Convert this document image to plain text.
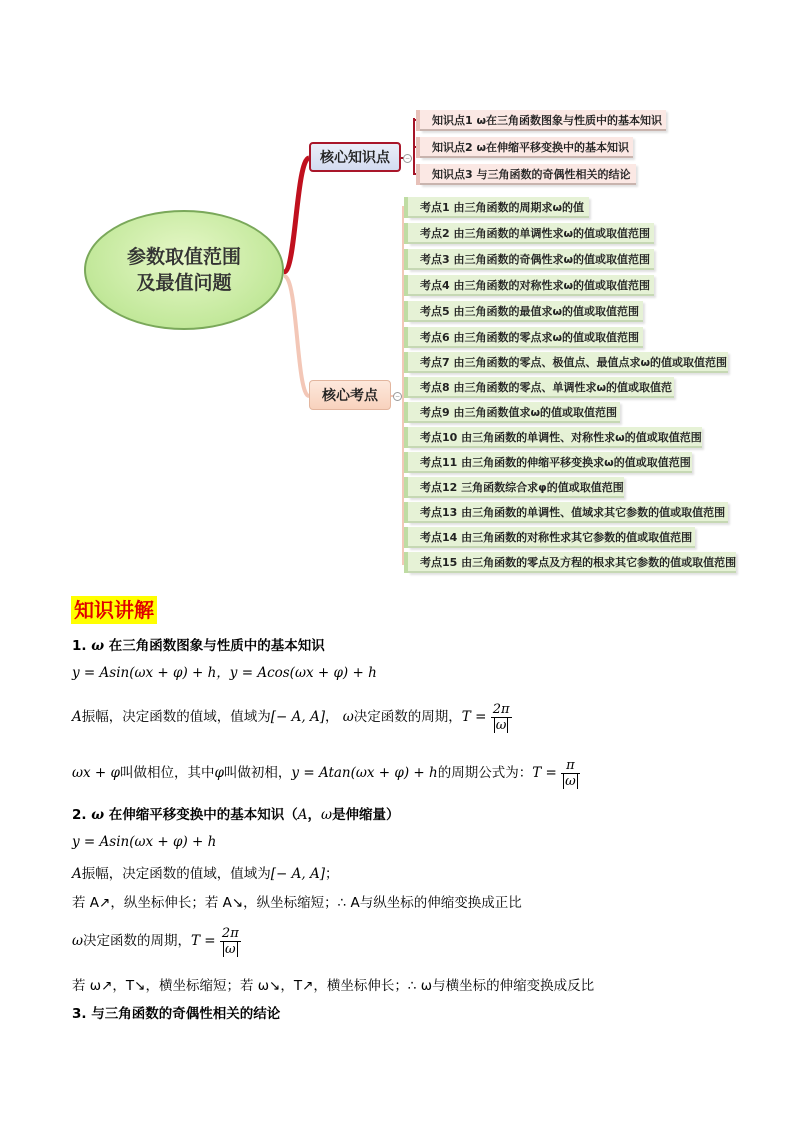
参数取值范围
及最值问题
核心知识点	−
核心考点	−
知识点1 ω在三角函数图象与性质中的基本知识
知识点2 ω在伸缩平移变换中的基本知识
知识点3 与三角函数的奇偶性相关的结论
考点1 由三角函数的周期求ω的值
考点2 由三角函数的单调性求ω的值或取值范围
考点3 由三角函数的奇偶性求ω的值或取值范围
考点4 由三角函数的对称性求ω的值或取值范围
考点5 由三角函数的最值求ω的值或取值范围
考点6 由三角函数的零点求ω的值或取值范围
考点7 由三角函数的零点、极值点、最值点求ω的值或取值范围
考点8 由三角函数的零点、单调性求ω的值或取值范
考点9 由三角函数值求ω的值或取值范围
考点10 由三角函数的单调性、对称性求ω的值或取值范围
考点11 由三角函数的伸缩平移变换求ω的值或取值范围
考点12 三角函数综合求φ的值或取值范围
考点13 由三角函数的单调性、值域求其它参数的值或取值范围
考点14 由三角函数的对称性求其它参数的值或取值范围
考点15 由三角函数的零点及方程的根求其它参数的值或取值范围
知识讲解
1. ω 在三角函数图象与性质中的基本知识
y = Asin(ωx + φ) + h，y = Acos(ωx + φ) + h
A振幅，决定函数的值域，值域为[− A, A]， ω决定函数的周期，$T = \frac{2\pi}{\omega}$
ωx + φ叫做相位，其中φ叫做初相，y = Atan(ωx + φ) + h的周期公式为：$T = \frac{\pi}{\omega}$
2. ω 在伸缩平移变换中的基本知识（A，ω是伸缩量）
y = Asin(ωx + φ) + h
A振幅，决定函数的值域，值域为[− A, A]；
若 A↗，纵坐标伸长；若 A↘，纵坐标缩短；∴ A与纵坐标的伸缩变换成正比
ω决定函数的周期，$T = \frac{2\pi}{\omega}$
若 ω↗，T↘，横坐标缩短；若 ω↘，T↗，横坐标伸长；∴ ω与横坐标的伸缩变换成反比
3. 与三角函数的奇偶性相关的结论
